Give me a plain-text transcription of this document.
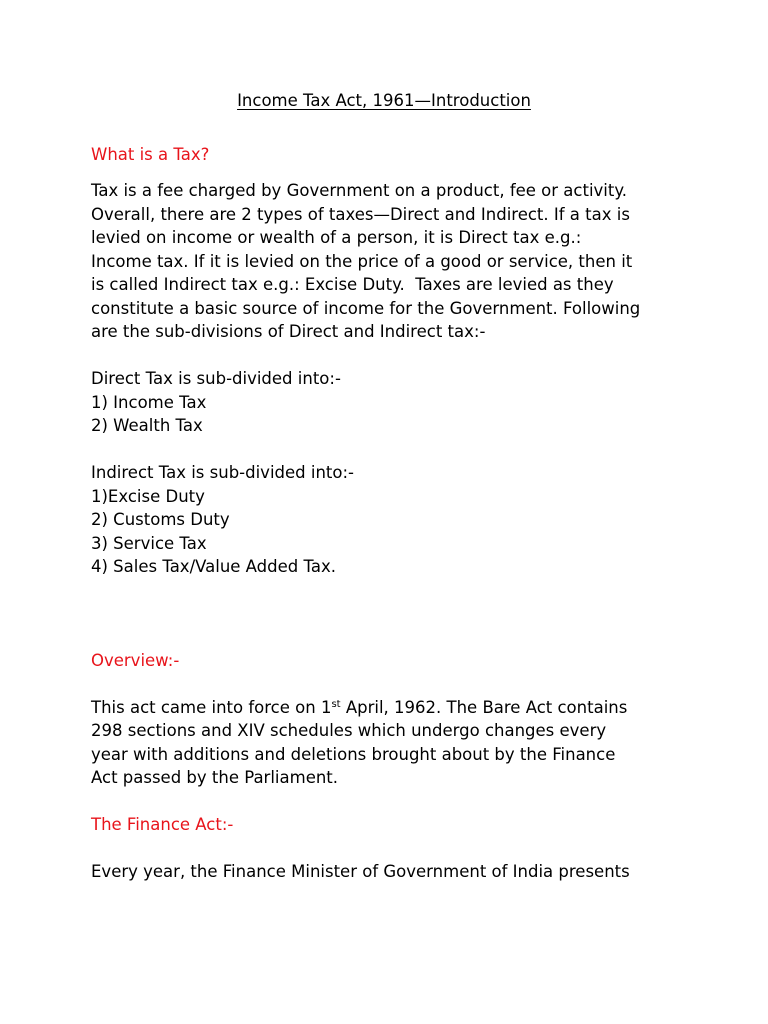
Income Tax Act, 1961—Introduction
What is a Tax?
Tax is a fee charged by Government on a product, fee or activity.
Overall, there are 2 types of taxes—Direct and Indirect. If a tax is
levied on income or wealth of a person, it is Direct tax e.g.:
Income tax. If it is levied on the price of a good or service, then it
is called Indirect tax e.g.: Excise Duty.  Taxes are levied as they
constitute a basic source of income for the Government. Following
are the sub-divisions of Direct and Indirect tax:-
Direct Tax is sub-divided into:-
1) Income Tax
2) Wealth Tax
Indirect Tax is sub-divided into:-
1)Excise Duty
2) Customs Duty
3) Service Tax
4) Sales Tax/Value Added Tax.
Overview:-
This act came into force on 1st April, 1962. The Bare Act contains
298 sections and XIV schedules which undergo changes every
year with additions and deletions brought about by the Finance
Act passed by the Parliament.
The Finance Act:-
Every year, the Finance Minister of Government of India presents
